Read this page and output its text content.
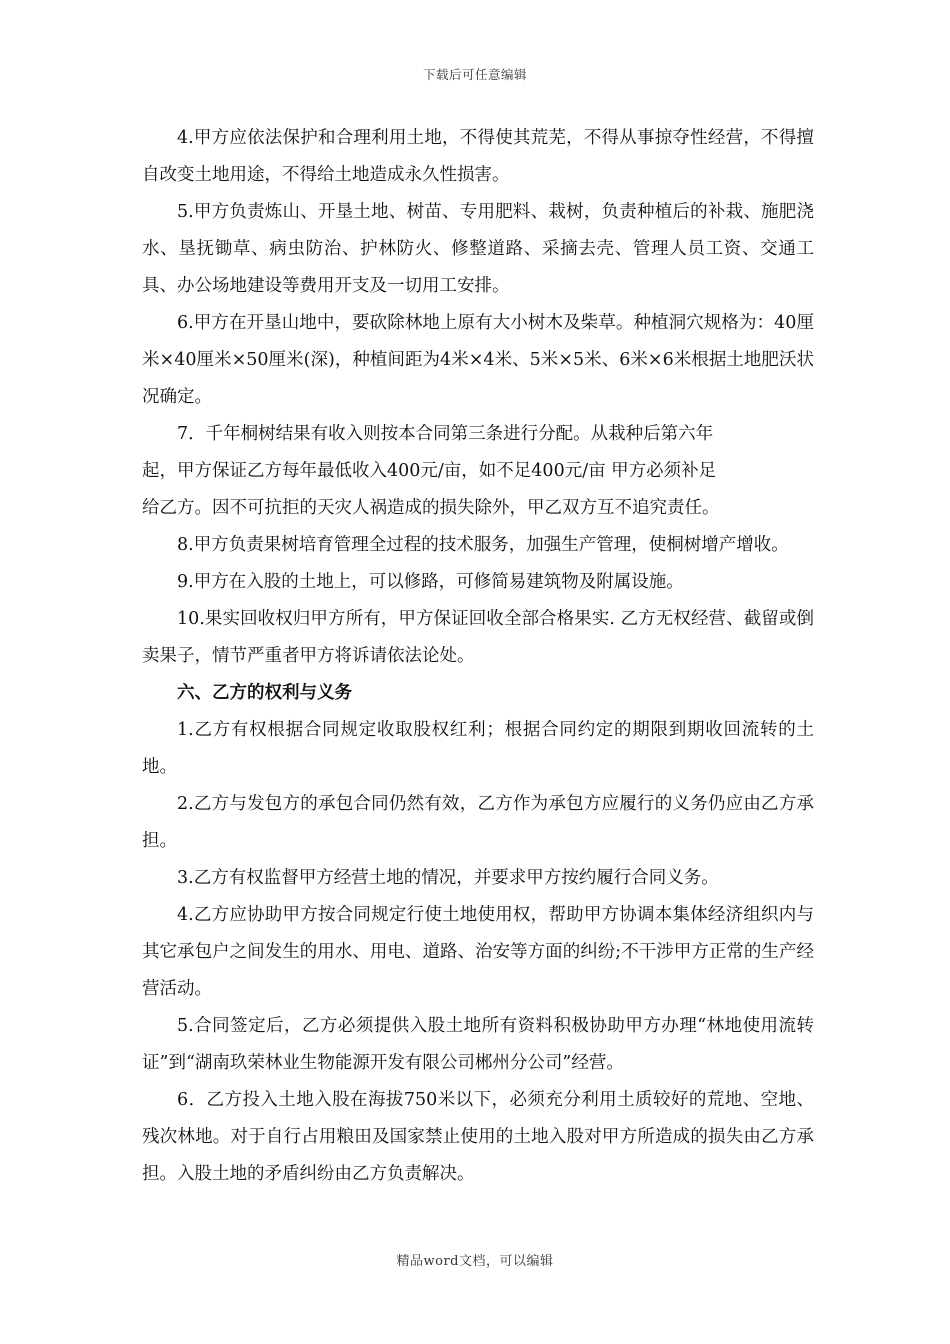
下载后可任意编辑

4.甲方应依法保护和合理利用土地，不得使其荒芜，不得从事掠夺性经营，不得擅自改变土地用途，不得给土地造成永久性损害。

5.甲方负责炼山、开垦土地、树苗、专用肥料、栽树，负责种植后的补栽、施肥浇水、垦抚锄草、病虫防治、护林防火、修整道路、采摘去壳、管理人员工资、交通工具、办公场地建设等费用开支及一切用工安排。

6.甲方在开垦山地中，要砍除林地上原有大小树木及柴草。种植洞穴规格为：40厘米×40厘米×50厘米(深)，种植间距为4米×4米、5米×5米、6米×6米根据土地肥沃状况确定。

7．千年桐树结果有收入则按本合同第三条进行分配。从栽种后第六年
起，甲方保证乙方每年最低收入400元/亩，如不足400元/亩 甲方必须补足
给乙方。因不可抗拒的天灾人祸造成的损失除外，甲乙双方互不追究责任。

8.甲方负责果树培育管理全过程的技术服务，加强生产管理，使桐树增产增收。

9.甲方在入股的土地上，可以修路，可修简易建筑物及附属设施。

10.果实回收权归甲方所有，甲方保证回收全部合格果实. 乙方无权经营、截留或倒卖果子，情节严重者甲方将诉请依法论处。

六、乙方的权利与义务

1.乙方有权根据合同规定收取股权红利；根据合同约定的期限到期收回流转的土地。

2.乙方与发包方的承包合同仍然有效，乙方作为承包方应履行的义务仍应由乙方承担。

3.乙方有权监督甲方经营土地的情况，并要求甲方按约履行合同义务。

4.乙方应协助甲方按合同规定行使土地使用权，帮助甲方协调本集体经济组织内与其它承包户之间发生的用水、用电、道路、治安等方面的纠纷;不干涉甲方正常的生产经营活动。

5.合同签定后，乙方必须提供入股土地所有资料积极协助甲方办理“林地使用流转证”到“湖南玖荣林业生物能源开发有限公司郴州分公司”经营。

6．乙方投入土地入股在海拔750米以下，必须充分利用土质较好的荒地、空地、残次林地。对于自行占用粮田及国家禁止使用的土地入股对甲方所造成的损失由乙方承担。入股土地的矛盾纠纷由乙方负责解决。

精品word文档，可以编辑
